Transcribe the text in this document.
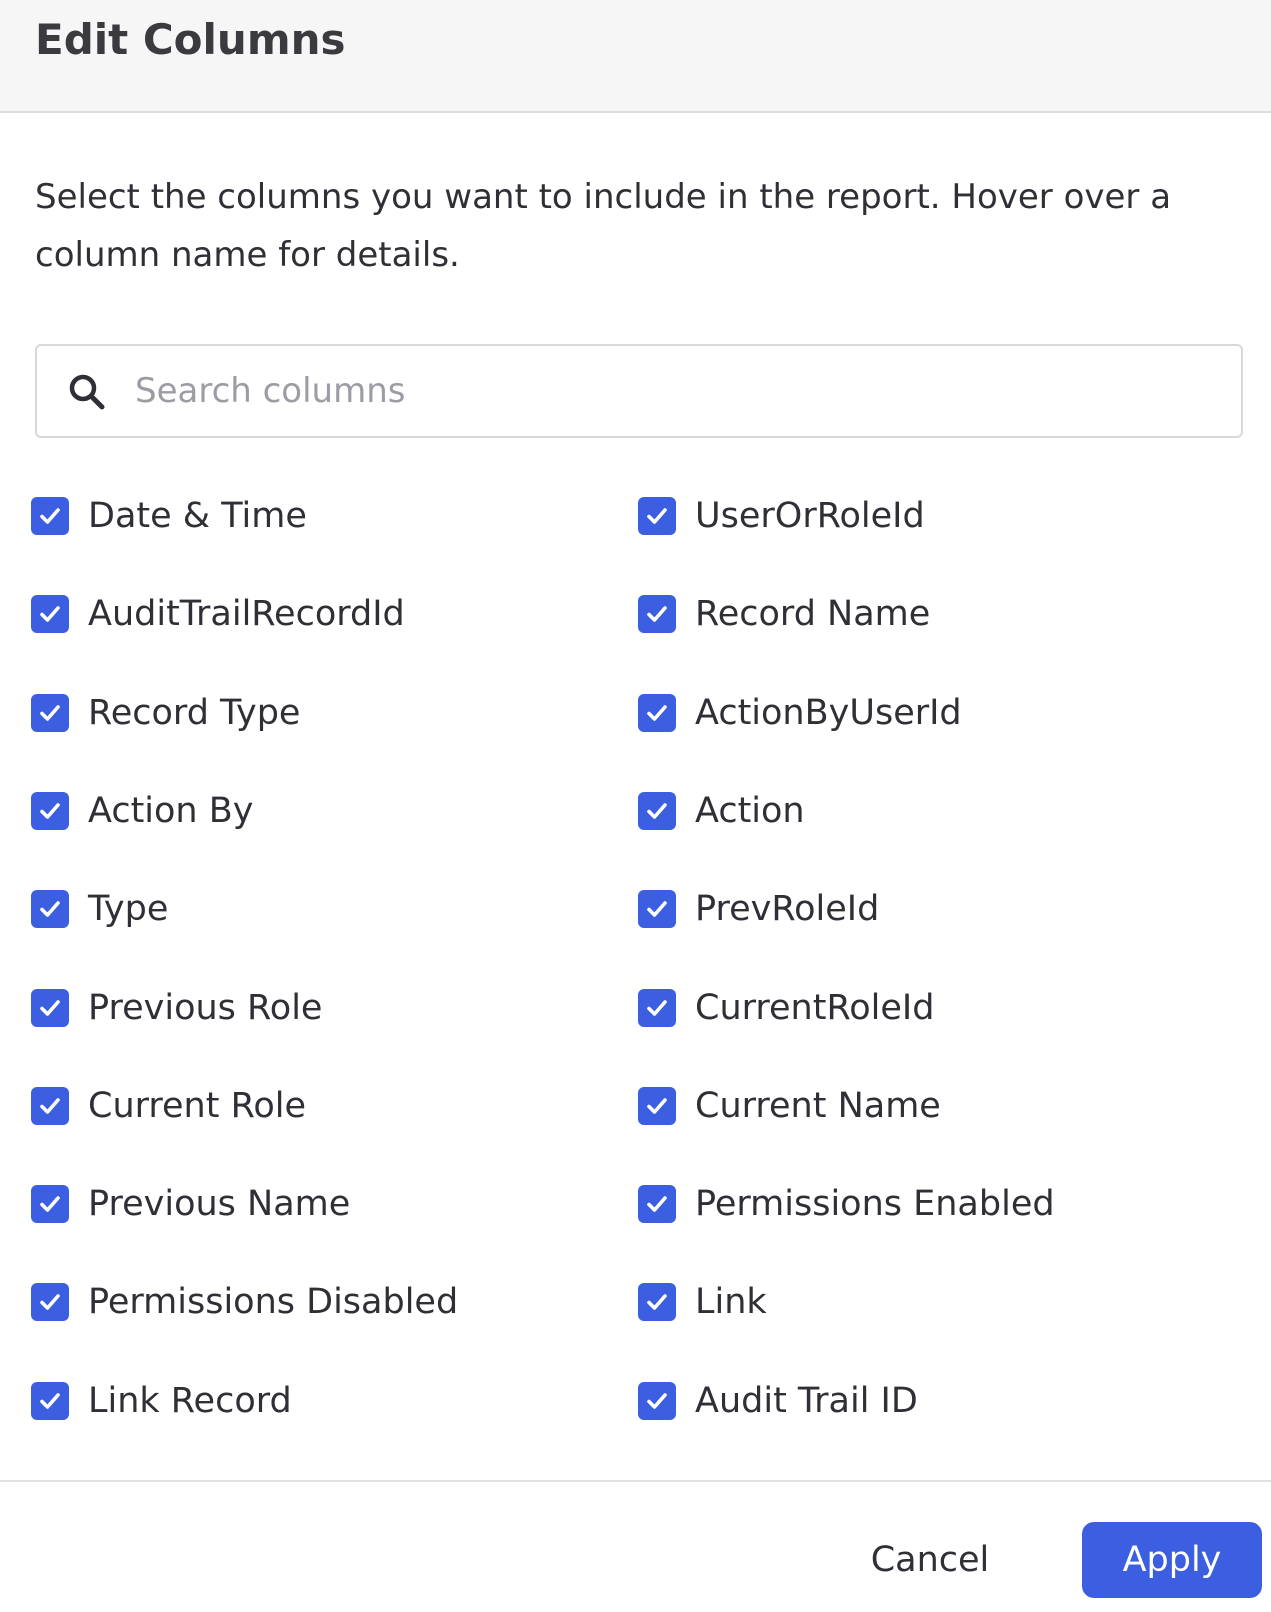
Edit Columns
Select the columns you want to include in the report. Hover over a column name for details.
Search columns
Date & Time	UserOrRoleId
AuditTrailRecordId	Record Name
Record Type	ActionByUserId
Action By	Action
Type	PrevRoleId
Previous Role	CurrentRoleId
Current Role	Current Name
Previous Name	Permissions Enabled
Permissions Disabled	Link
Link Record	Audit Trail ID
Cancel	Apply
